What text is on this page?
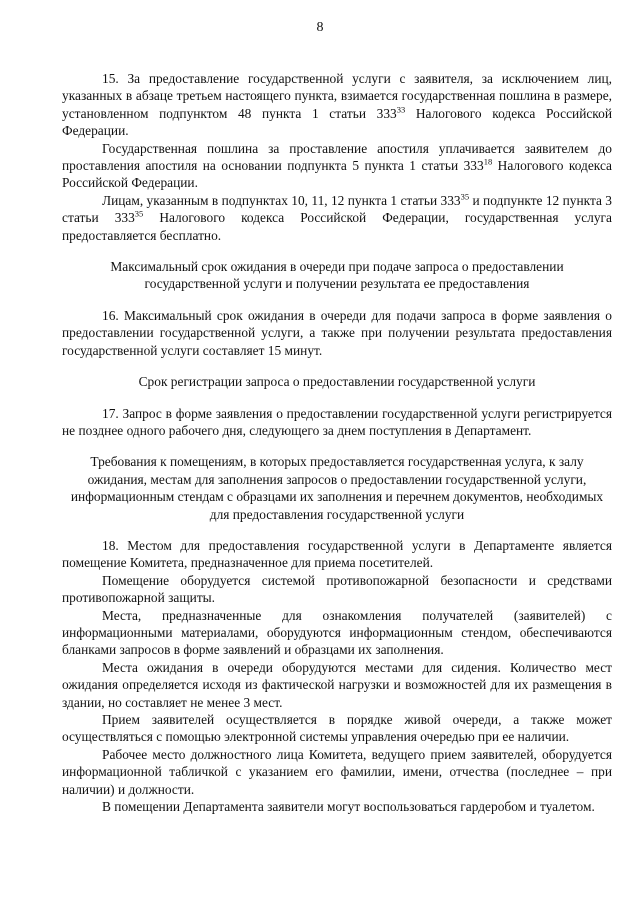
8

15. За предоставление государственной услуги с заявителя, за исключением лиц, указанных в абзаце третьем настоящего пункта, взимается государственная пошлина в размере, установленном подпунктом 48 пункта 1 статьи $333^{33}$ Налогового кодекса Российской Федерации.

Государственная пошлина за проставление апостиля уплачивается заявителем до проставления апостиля на основании подпункта 5 пункта 1 статьи $333^{18}$ Налогового кодекса Российской Федерации.

Лицам, указанным в подпунктах 10, 11, 12 пункта 1 статьи $333^{35}$ и подпункте 12 пункта 3 статьи $333^{35}$ Налогового кодекса Российской Федерации, государственная услуга предоставляется бесплатно.

Максимальный срок ожидания в очереди при подаче запроса о предоставлении государственной услуги и получении результата ее предоставления

16. Максимальный срок ожидания в очереди для подачи запроса в форме заявления о предоставлении государственной услуги, а также при получении результата предоставления государственной услуги составляет 15 минут.

Срок регистрации запроса о предоставлении государственной услуги

17. Запрос в форме заявления о предоставлении государственной услуги регистрируется не позднее одного рабочего дня, следующего за днем поступления в Департамент.

Требования к помещениям, в которых предоставляется государственная услуга, к залу ожидания, местам для заполнения запросов о предоставлении государственной услуги, информационным стендам с образцами их заполнения и перечнем документов, необходимых для предоставления государственной услуги

18. Местом для предоставления государственной услуги в Департаменте является помещение Комитета, предназначенное для приема посетителей.

Помещение оборудуется системой противопожарной безопасности и средствами противопожарной защиты.

Места, предназначенные для ознакомления получателей (заявителей) с информационными материалами, оборудуются информационным стендом, обеспечиваются бланками запросов в форме заявлений и образцами их заполнения.

Места ожидания в очереди оборудуются местами для сидения. Количество мест ожидания определяется исходя из фактической нагрузки и возможностей для их размещения в здании, но составляет не менее 3 мест.

Прием заявителей осуществляется в порядке живой очереди, а также может осуществляться с помощью электронной системы управления очередью при ее наличии.

Рабочее место должностного лица Комитета, ведущего прием заявителей, оборудуется информационной табличкой с указанием его фамилии, имени, отчества (последнее – при наличии) и должности.

В помещении Департамента заявители могут воспользоваться гардеробом и туалетом.
